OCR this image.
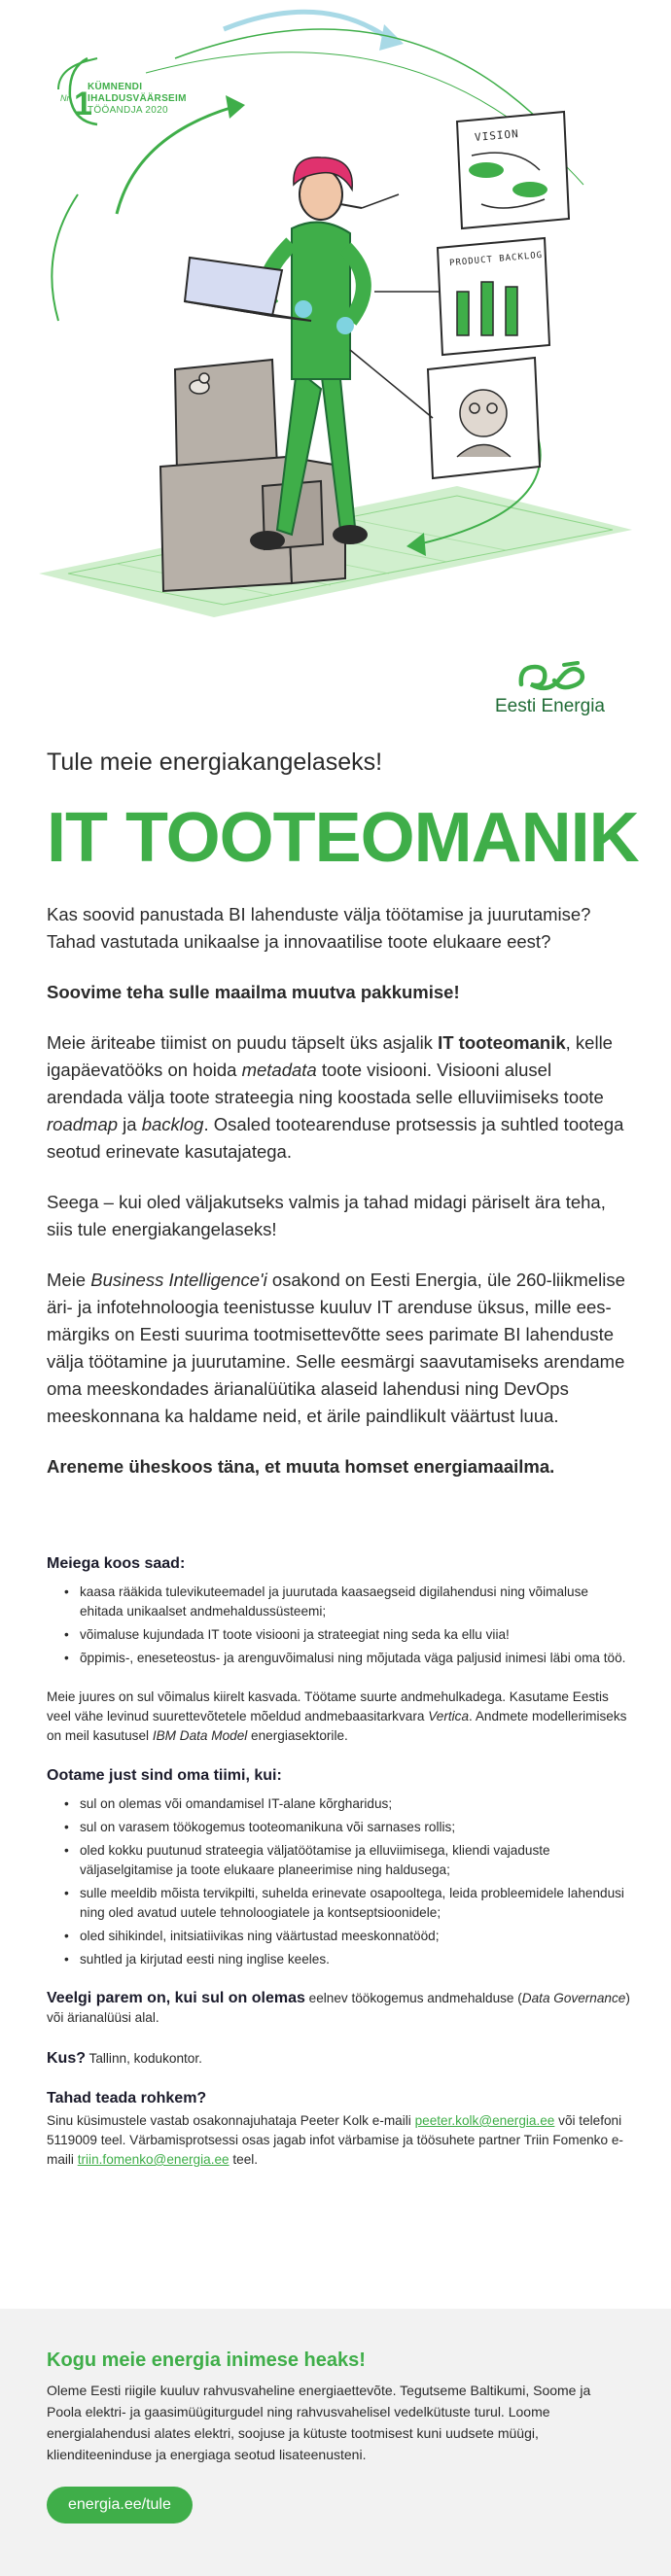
1
Nr.
KÜMNENDI
IHALDUSVÄÄRSEIM
TÖÖANDJA 2020
VISION
PRODUCT BACKLOG
Eesti Energia
Tule meie energiakangelaseks!
IT TOOTEOMANIK

Kas soovid panustada BI lahenduste välja töötamise ja juurutamise? Tahad vastutada unikaalse ja innovaatilise toote elukaare eest?

Soovime teha sulle maailma muutva pakkumise!

Meie äriteabe tiimist on puudu täpselt üks asjalik IT tooteomanik, kelle igapäevatööks on hoida metadata toote visiooni. Visiooni alusel arendada välja toote strateegia ning koostada selle elluviimiseks toote roadmap ja backlog. Osaled tootearenduse protsessis ja suhtled tootega seotud erinevate kasutajatega.

Seega – kui oled väljakutseks valmis ja tahad midagi päriselt ära teha, siis tule energiakangelaseks!

Meie Business Intelligence'i osakond on Eesti Energia, üle 260-liikmelise äri- ja infotehnoloogia teenistusse kuuluv IT arenduse üksus, mille ees-märgiks on Eesti suurima tootmisettevõtte sees parimate BI lahenduste välja töötamine ja juurutamine. Selle eesmärgi saavutamiseks arendame oma meeskondades ärianalüütika alaseid lahendusi ning DevOps meeskonnana ka haldame neid, et ärile paindlikult väärtust luua.

Areneme üheskoos täna, et muuta homset energiamaailma.

Meiega koos saad:
• kaasa rääkida tulevikuteemadel ja juurutada kaasaegseid digilahendusi ning võimaluse ehitada unikaalset andmehaldussüsteemi;
• võimaluse kujundada IT toote visiooni ja strateegiat ning seda ka ellu viia!
• õppimis-, eneseteostus- ja arenguvõimalusi ning mõjutada väga paljusid inimesi läbi oma töö.

Meie juures on sul võimalus kiirelt kasvada. Töötame suurte andmehulkadega. Kasutame Eestis veel vähe levinud suurettevõtetele mõeldud andmebaasitarkvara Vertica. Andmete modellerimiseks on meil kasutusel IBM Data Model energiasektorile.

Ootame just sind oma tiimi, kui:
• sul on olemas või omandamisel IT-alane kõrgharidus;
• sul on varasem töökogemus tooteomanikuna või sarnases rollis;
• oled kokku puutunud strateegia väljatöötamise ja elluviimisega, kliendi vajaduste väljaselgitamise ja toote elukaare planeerimise ning haldusega;
• sulle meeldib mõista tervikpilti, suhelda erinevate osapooltega, leida probleemidele lahendusi ning oled avatud uutele tehnoloogiatele ja kontseptsioonidele;
• oled sihikindel, initsiatiivikas ning väärtustad meeskonnatööd;
• suhtled ja kirjutad eesti ning inglise keeles.

Veelgi parem on, kui sul on olemas eelnev töökogemus andmehalduse (Data Governance) või ärianalüüsi alal.

Kus? Tallinn, kodukontor.

Tahad teada rohkem?

Sinu küsimustele vastab osakonnajuhataja Peeter Kolk e-maili peeter.kolk@energia.ee või telefoni 5119009 teel. Värbamisprotsessi osas jagab infot värbamise ja töösuhete partner Triin Fomenko e-maili triin.fomenko@energia.ee teel.

Kogu meie energia inimese heaks!

Oleme Eesti riigile kuuluv rahvusvaheline energiaettevõte. Tegutseme Baltikumi, Soome ja Poola elektri- ja gaasimüügiturgudel ning rahvusvahelisel vedelkütuste turul. Loome energialahendusi alates elektri, soojuse ja kütuste tootmisest kuni uudsete müügi, klienditeeninduse ja energiaga seotud lisateenusteni.

energia.ee/tule
